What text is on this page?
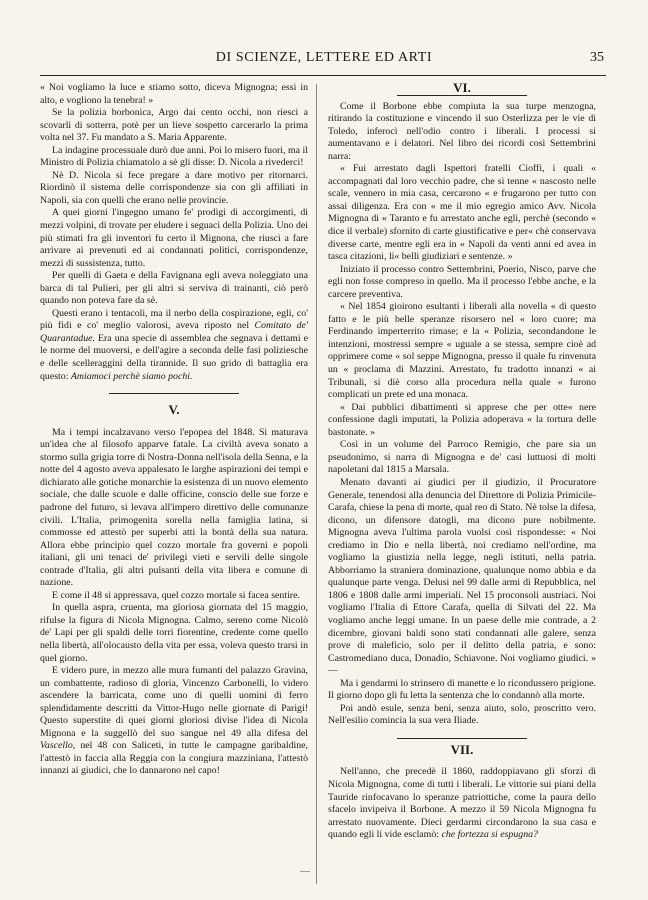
DI SCIENZE, LETTERE ED ARTI	35

« Noi vogliamo la luce e stiamo sotto, diceva Mignogna; essi in alto, e vogliono la tenebra! »

Se la polizia borbonica, Argo dai cento occhi, non riesci a scovarli di sotterra, potè per un lieve sospetto carcerarlo la prima volta nel 37. Fu mandato a S. Maria Apparente.

La indagine processuale durò due anni. Poi lo misero fuori, ma il Ministro di Polizia chiamatolo a sè gli disse: D. Nicola a rivederci!

Nè D. Nicola si fece pregare a dare motivo per ritornarci. Riordinò il sistema delle corrispondenze sia con gli affiliati in Napoli, sia con quelli che erano nelle provincie.

A quei giorni l'ingegno umano fe' prodigi di accorgimenti, di mezzi volpini, di trovate per eludere i seguaci della Polizia. Uno dei più stimati fra gli inventori fu certo il Mignona, che riuscì a fare arrivare ai prevenuti ed ai condannati politici, corrispondenze, mezzi di sussistenza, tutto.

Per quelli di Gaeta e della Favignana egli aveva noleggiato una barca di tal Pulieri, per gli altri si serviva di trainanti, ciò però quando non poteva fare da sè.

Questi erano i tentacoli, ma il nerbo della cospirazione, egli, co' più fidi e co' meglio valorosi, aveva riposto nel Comitato de' Quarantadue. Era una specie di assemblea che segnava i dettami e le norme del muoversi, e dell'agire a seconda delle fasi poliziesche e delle scelleraggini della tirannide. Il suo grido di battaglia era questo: Amiamoci perchè siamo pochi.

V.

Ma i tempi incalzavano verso l'epopea del 1848. Si maturava un'idea che al filosofo apparve fatale. La civiltà aveva sonato a stormo sulla grigia torre di Nostra-Donna nell'isola della Senna, e la notte del 4 agosto aveva appalesato le larghe aspirazioni dei tempi e dichiarato alle gotiche monarchie la esistenza di un nuovo elemento sociale, che dalle scuole e dalle officine, conscio delle sue forze e padrone del futuro, si levava all'impero direttivo delle comunanze civili. L'Italia, primogenita sorella nella famiglia latina, si commosse ed attestò per superbi atti la bontà della sua natura. Allora ebbe principio quel cozzo mortale fra governi e popoli italiani, gli uni tenaci de' privilegi vieti e servili delle singole contrade d'Italia, gli altri pulsanti della vita libera e comune di nazione.

E come il 48 si appressava, quel cozzo mortale si facea sentire.

In quella aspra, cruenta, ma gloriosa giornata del 15 maggio, rifulse la figura di Nicola Mignogna. Calmo, sereno come Nicolò de' Lapi per gli spaldi delle torri fiorentine, credente come quello nella libertà, all'olocausto della vita per essa, voleva questo trarsi in quel giorno.

E videro pure, in mezzo alle mura fumanti del palazzo Gravina, un combattente, radioso di gloria, Vincenzo Carbonelli, lo videro ascendere la barricata, come uno di quelli uomini di ferro splendidamente descritti da Vittor-Hugo nelle giornate di Parigi! Questo superstite di quei giorni gloriosi divise l'idea di Nicola Mignona e la suggellò del suo sangue nel 49 alla difesa del Vascello, nel 48 con Saliceti, in tutte le campagne garibaldine, l'attestò in faccia alla Reggia con la congiura mazziniana, l'attestò innanzi ai giudici, che lo dannarono nel capo!

VI.

Come il Borbone ebbe compiuta la sua turpe menzogna, ritirando la costituzione e vincendo il suo Osterlizza per le vie di Toledo, inferocì nell'odio contro i liberali. I processi si aumentavano e i delatori. Nel libro dei ricordi così Settembrini narra:

« Fui arrestato dagli Ispettori fratelli Cioffi, i quali « accompagnati dal loro vecchio padre, che si tenne « nascosto nelle scale, vennero in mia casa, cercarono « e frugarono per tutto con assai diligenza. Era con « me il mio egregio amico Avv. Nicola Mignogna di « Taranto e fu arrestato anche egli, perchè (secondo « dice il verbale) sfornito di carte giustificative e per« chè conservava diverse carte, mentre egli era in « Napoli da venti anni ed avea in tasca citazioni, li« belli giudiziari e sentenze. »

Iniziato il processo contro Settembrini, Poerio, Nisco, parve che egli non fosse compreso in quello. Ma il processo l'ebbe anche, e la carcere preventiva.

« Nel 1854 gioirono esultanti i liberali alla novella « di questo fatto e le più belle speranze risorsero nel « loro cuore; ma Ferdinando imperterrito rimase; e la « Polizia, secondandone le intenzioni, mostressi sempre « uguale a se stessa, sempre cioè ad opprimere come « sol seppe Mignogna, presso il quale fu rinvenuta un « proclama di Mazzini. Arrestato, fu tradotto innanzi « ai Tribunali, si diè corso alla procedura nella quale « furono complicati un prete ed una monaca.

« Dai pubblici dibattimenti si apprese che per otte« nere confessione dagli imputati, la Polizia adoperava « la tortura delle bastonate. »

Così in un volume del Parroco Remigio, che pare sia un pseudonimo, si narra di Mignogna e de' casi luttuosi di molti napoletani dal 1815 a Marsala.

Menato davanti ai giudici per il giudizio, il Procuratore Generale, tenendosi alla denuncia del Direttore di Polizia Primicile-Carafa, chiese la pena di morte, qual reo di Stato. Nè tolse la difesa, dicono, un difensore datogli, ma dicono pure nobilmente. Mignogna aveva l'ultima parola vuolsi così rispondesse: « Noi crediamo in Dio e nella libertà, noi crediamo nell'ordine, ma vogliamo la giustizia nella legge, negli istituti, nella patria. Abborriamo la straniera dominazione, qualunque nomo abbia e da qualunque parte venga. Delusi nel 99 dalle armi di Repubblica, nel 1806 e 1808 dalle armi imperiali. Nel 15 proconsoli austriaci. Noi vogliamo l'Italia di Ettore Carafa, quella di Silvati del 22. Ma vogliamo anche leggi umane. In un paese delle mie contrade, a 2 dicembre, giovani baldi sono stati condannati alle galere, senza prove di maleficio, solo per il delitto della patria, e sono: Castromediano duca, Donadio, Schiavone. Noi vogliamo giudici. » —

Ma i gendarmi lo strinsero di manette e lo ricondussero prigione. Il giorno dopo gli fu letta la sentenza che lo condannò alla morte.

Poi andò esule, senza beni, senza aiuto, solo, proscritto vero. Nell'esilio comincia la sua vera Iliade.

VII.

Nell'anno, che precedè il 1860, raddoppiavano gli sforzi di Nicola Mignogna, come di tutti i liberali. Le vittorie sui piani della Tauride rinfocavano lo speranze patriottiche, come la paura dello sfacelo invipeiva il Borbone. A mezzo il 59 Nicola Mignogna fu arrestato nuovamente. Dieci gerdarmi circondarono la sua casa e quando egli li vide esclamò: che fortezza si espugna?

—
